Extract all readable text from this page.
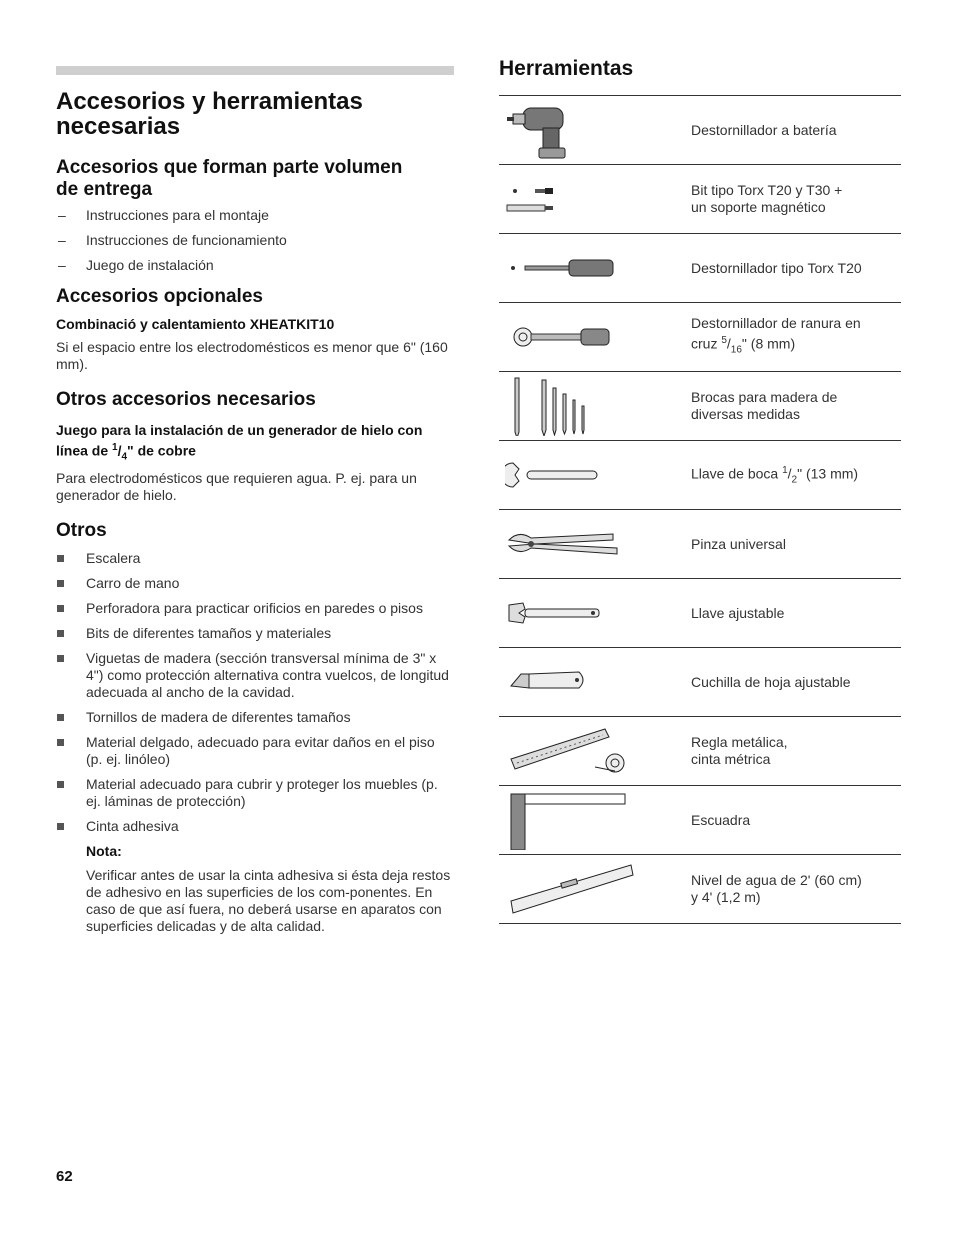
Accesorios y herramientas
necesarias
Accesorios que forman parte volumen
de entrega
– Instrucciones para el montaje
– Instrucciones de funcionamiento
– Juego de instalación
Accesorios opcionales
Combinació y calentamiento XHEATKIT10

Si el espacio entre los electrodomésticos es menor que 6" (160 mm).

Otros accesorios necesarios
Juego para la instalación de un generador de hielo con
línea de $^1/_4$" de cobre

Para electrodomésticos que requieren agua. P. ej. para un generador de hielo.

Otros
Escalera
Carro de mano
Perforadora para practicar orificios en paredes o pisos
Bits de diferentes tamaños y materiales
Viguetas de madera (sección transversal mínima de 3" x 4") como protección alternativa contra vuelcos, de longitud adecuada al ancho de la cavidad.
Tornillos de madera de diferentes tamaños
Material delgado, adecuado para evitar daños en el piso (p. ej. linóleo)
Material adecuado para cubrir y proteger los muebles (p. ej. láminas de protección)
Cinta adhesiva
Nota:

Verificar antes de usar la cinta adhesiva si ésta deja restos de adhesivo en las superficies de los com-ponentes. En caso de que así fuera, no deberá usarse en aparatos con superficies delicadas y de alta calidad.

Herramientas
Destornillador a batería
Bit tipo Torx T20 y T30 +
un soporte magnético
Destornillador tipo Torx T20
Destornillador de ranura en
cruz $^5/_{16}$" (8 mm)
Brocas para madera de
diversas medidas
Llave de boca $^1/_2$" (13 mm)
Pinza universal
Llave ajustable
Cuchilla de hoja ajustable
Regla metálica,
cinta métrica
Escuadra
Nivel de agua de 2' (60 cm)
y 4' (1,2 m)
62
